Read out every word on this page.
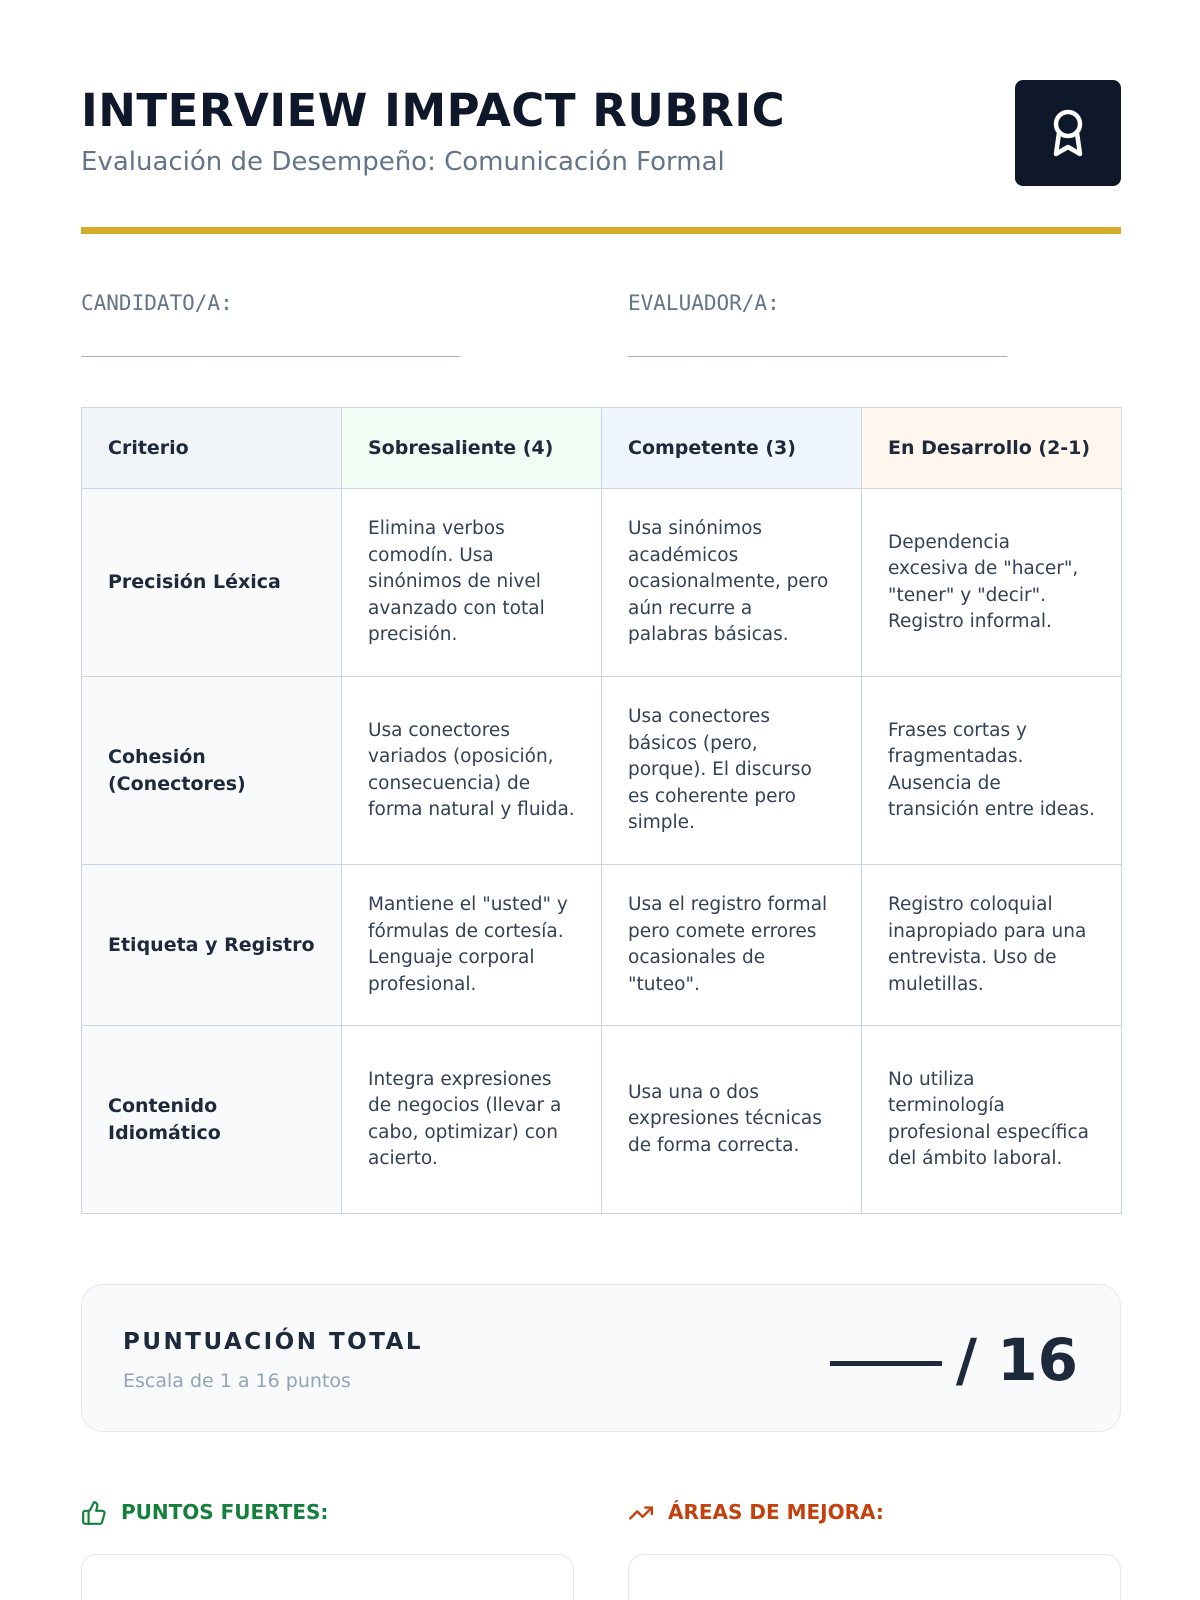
INTERVIEW IMPACT RUBRIC
Evaluación de Desempeño: Comunicación Formal
CANDIDATO/A:
______________________________
EVALUADOR/A:
______________________________
Criterio	Sobresaliente (4)	Competente (3)	En Desarrollo (2-1)
Precisión Léxica	Elimina verbos comodín. Usa sinónimos de nivel avanzado con total precisión.	Usa sinónimos académicos ocasionalmente, pero aún recurre a palabras básicas.	Dependencia excesiva de "hacer", "tener" y "decir". Registro informal.
Cohesión (Conectores)	Usa conectores variados (oposición, consecuencia) de forma natural y fluida.	Usa conectores básicos (pero, porque). El discurso es coherente pero simple.	Frases cortas y fragmentadas. Ausencia de transición entre ideas.
Etiqueta y Registro	Mantiene el "usted" y fórmulas de cortesía. Lenguaje corporal profesional.	Usa el registro formal pero comete errores ocasionales de "tuteo".	Registro coloquial inapropiado para una entrevista. Uso de muletillas.
Contenido Idiomático	Integra expresiones de negocios (llevar a cabo, optimizar) con acierto.	Usa una o dos expresiones técnicas de forma correcta.	No utiliza terminología profesional específica del ámbito laboral.
PUNTUACIÓN TOTAL
Escala de 1 a 16 puntos	/ 16
PUNTOS FUERTES:	ÁREAS DE MEJORA:
